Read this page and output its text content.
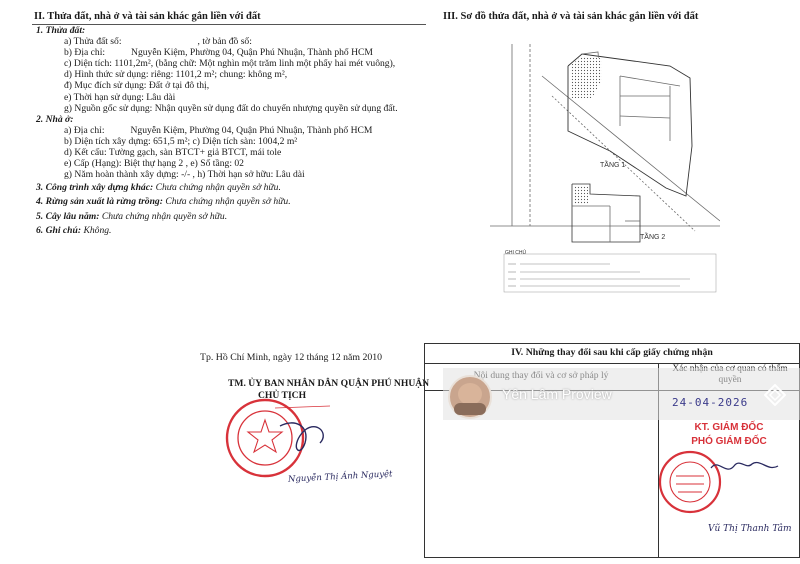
II. Thửa đất, nhà ở và tài sản khác gắn liền với đất
1. Thửa đất:
a) Thửa đất số:	, tờ bản đồ số:
b) Địa chỉ:	Nguyễn Kiệm, Phường 04, Quận Phú Nhuận, Thành phố HCM
c) Diện tích: 1101,2m², (bằng chữ: Một nghìn một trăm linh một phẩy hai mét vuông),
d) Hình thức sử dụng: riêng: 1101,2 m²; chung: không m²,
đ) Mục đích sử dụng: Đất ở tại đô thị,
e) Thời hạn sử dụng: Lâu dài
g) Nguồn gốc sử dụng: Nhận quyền sử dụng đất do chuyển nhượng quyền sử dụng đất.
2. Nhà ở:
a) Địa chỉ:	Nguyễn Kiệm, Phường 04, Quận Phú Nhuận, Thành phố HCM
b) Diện tích xây dựng: 651,5 m²; c) Diện tích sàn: 1004,2 m²
d) Kết cấu: Tường gạch, sàn BTCT+ giả BTCT, mái tole
e) Cấp (Hạng): Biệt thự hạng 2 , e) Số tầng: 02
g) Năm hoàn thành xây dựng: -/- , h) Thời hạn sở hữu: Lâu dài
3. Công trình xây dựng khác: Chưa chứng nhận quyền sở hữu.
4. Rừng sản xuất là rừng trồng: Chưa chứng nhận quyền sở hữu.
5. Cây lâu năm: Chưa chứng nhận quyền sở hữu.
6. Ghi chú: Không.
III. Sơ đồ thửa đất, nhà ở và tài sản khác gắn liền với đất
TẦNG 1
TẦNG 2
GHI CHÚ
Tp. Hồ Chí Minh, ngày 12 tháng 12 năm 2010
TM. ỦY BAN NHÂN DÂN QUẬN PHÚ NHUẬN
CHỦ TỊCH
Nguyễn Thị Ánh Nguyệt
IV. Những thay đổi sau khi cấp giấy chứng nhận
Yên Lâm Proview
24-04-2026
KT. GIÁM ĐỐC
PHÓ GIÁM ĐỐC
Vũ Thị Thanh Tâm
